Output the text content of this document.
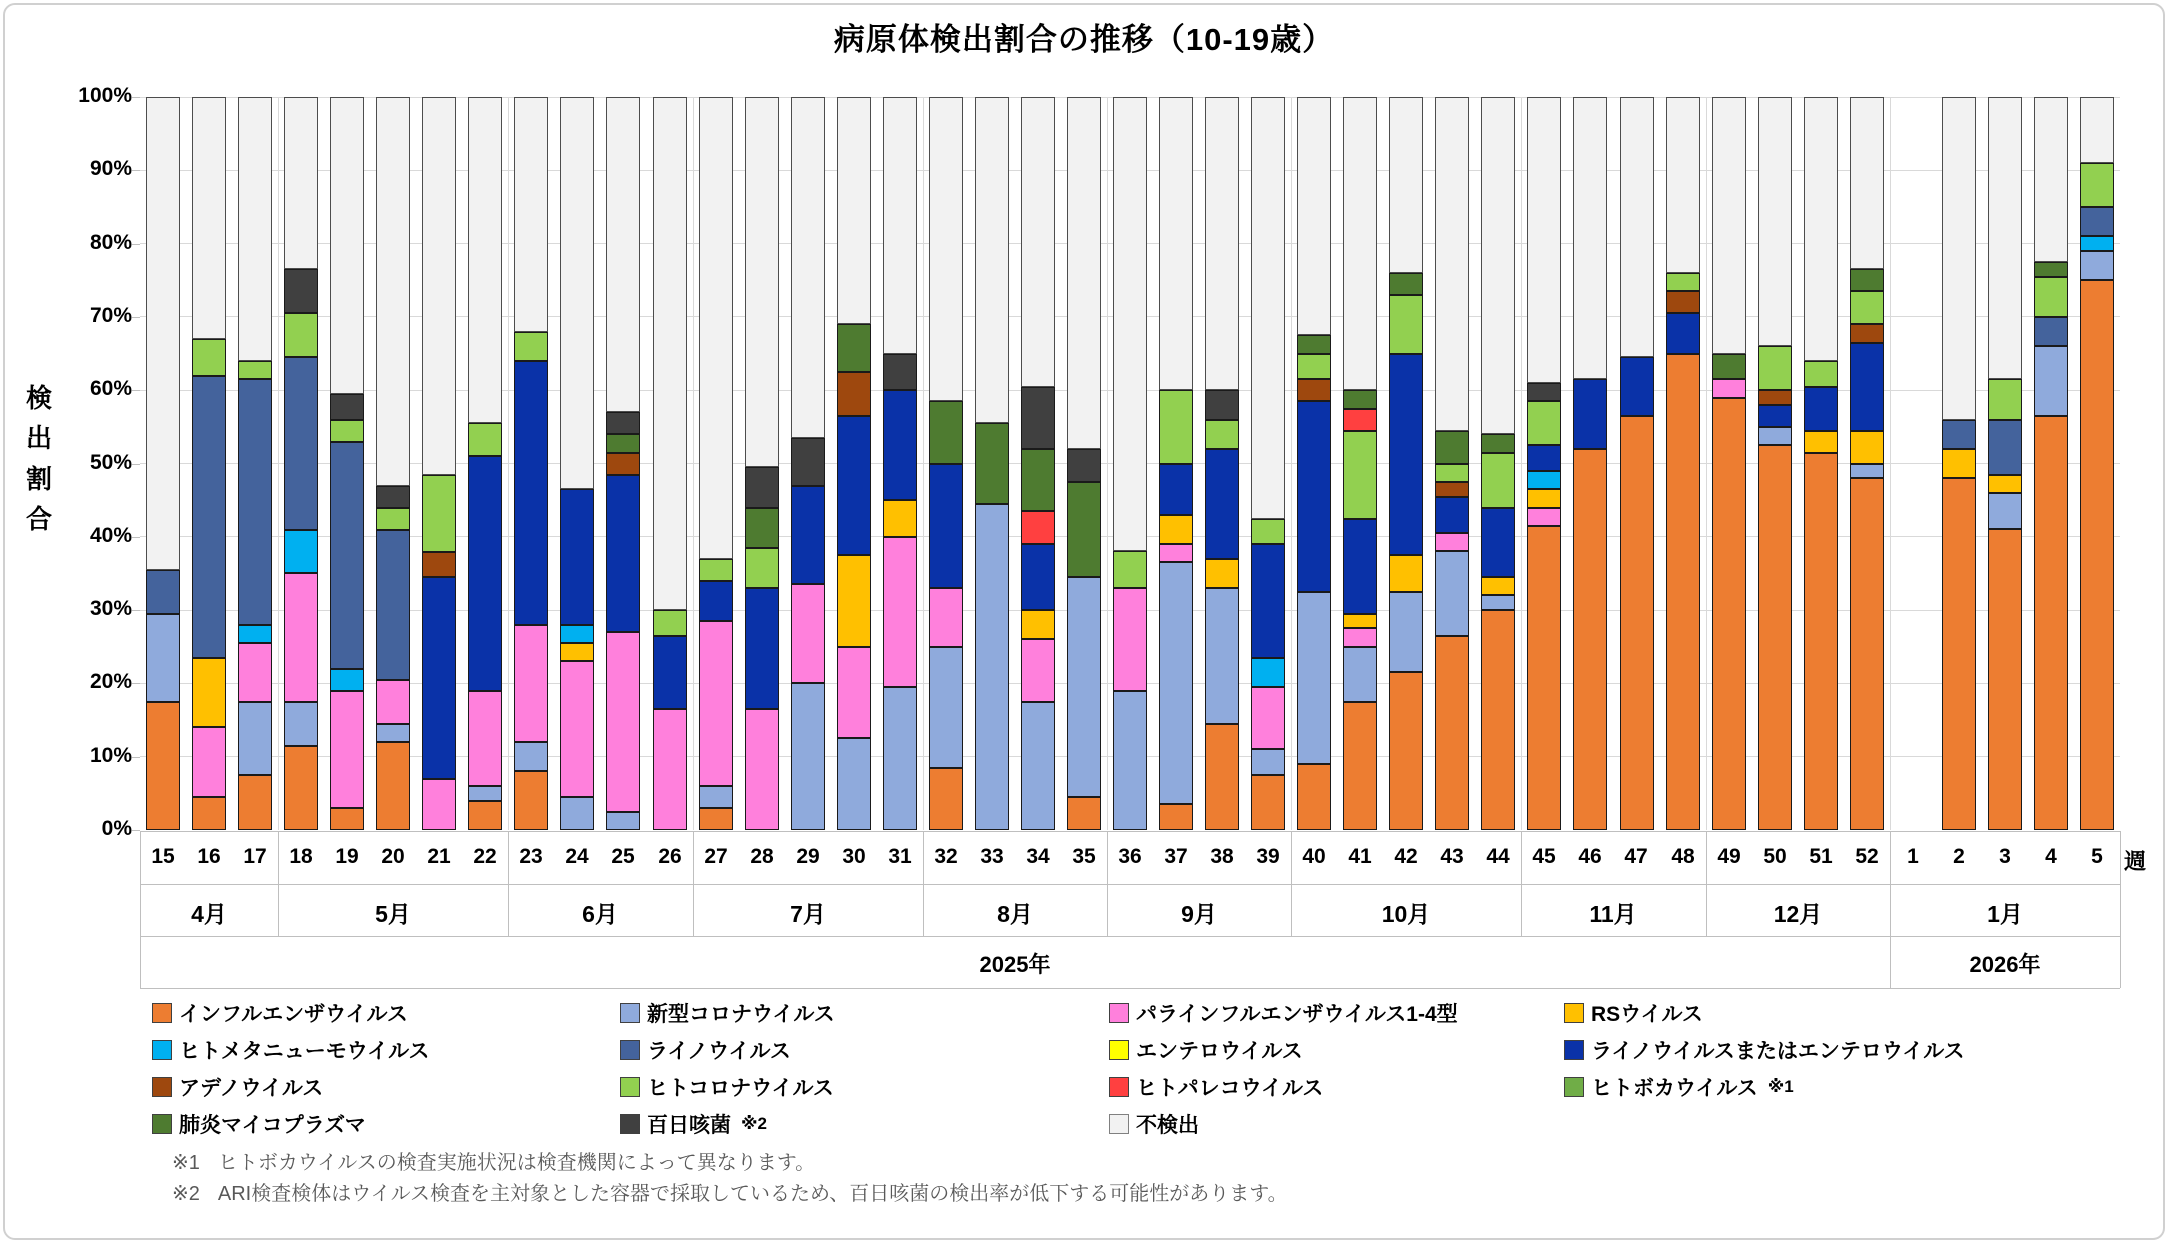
病原体検出割合の推移（10-19歳）
検
出
割
合
15	16	17
4月
18	19	20	21	22
5月
23	24	25	26
6月
27	28	29	30	31
7月
32	33	34	35
8月
36	37	38	39
9月
40	41	42	43	44
10月
45	46	47	48
11月
49	50	51	52
12月
1	2	3	4	5
1月
2025年	2026年
週
インフルエンザウイルス	新型コロナウイルス	パラインフルエンザウイルス1-4型	RSウイルス
ヒトメタニューモウイルス	ライノウイルス	エンテロウイルス	ライノウイルスまたはエンテロウイルス
アデノウイルス	ヒトコロナウイルス	ヒトパレコウイルス	ヒトボカウイルス ※1
肺炎マイコプラズマ	百日咳菌 ※2	不検出
※1 ヒトボカウイルスの検査実施状況は検査機関によって異なります。
※2 ARI検査検体はウイルス検査を主対象とした容器で採取しているため、百日咳菌の検出率が低下する可能性があります。
0%
10%
20%
30%
40%
50%
60%
70%
80%
90%
100%
